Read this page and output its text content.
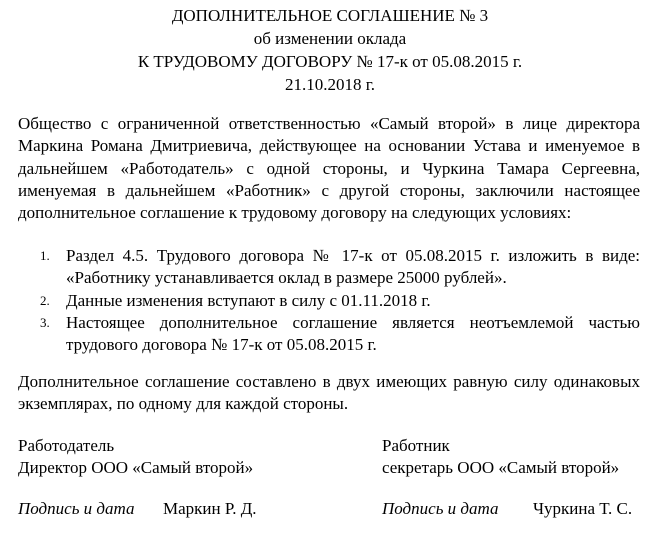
ДОПОЛНИТЕЛЬНОЕ СОГЛАШЕНИЕ № 3
об изменении оклада
К ТРУДОВОМУ ДОГОВОРУ № 17-к от 05.08.2015 г.
21.10.2018 г.

Общество с ограниченной ответственностью «Самый второй» в лице директора Маркина Романа Дмитриевича, действующее на основании Устава и именуемое в дальнейшем «Работодатель» с одной стороны, и Чуркина Тамара Сергеевна, именуемая в дальнейшем «Работник» с другой стороны, заключили настоящее дополнительное соглашение к трудовому договору на следующих условиях:

1. Раздел 4.5. Трудового договора № 17-к от 05.08.2015 г. изложить в виде: «Работнику устанавливается оклад в размере 25000 рублей».
2. Данные изменения вступают в силу с 01.11.2018 г.
3. Настоящее дополнительное соглашение является неотъемлемой частью трудового договора № 17-к от 05.08.2015 г.

Дополнительное соглашение составлено в двух имеющих равную силу одинаковых экземплярах, по одному для каждой стороны.

Работодатель
Директор ООО «Самый второй»
Работник
секретарь ООО «Самый второй»
Подпись и дата Маркин Р. Д.	Подпись и дата Чуркина Т. С.
